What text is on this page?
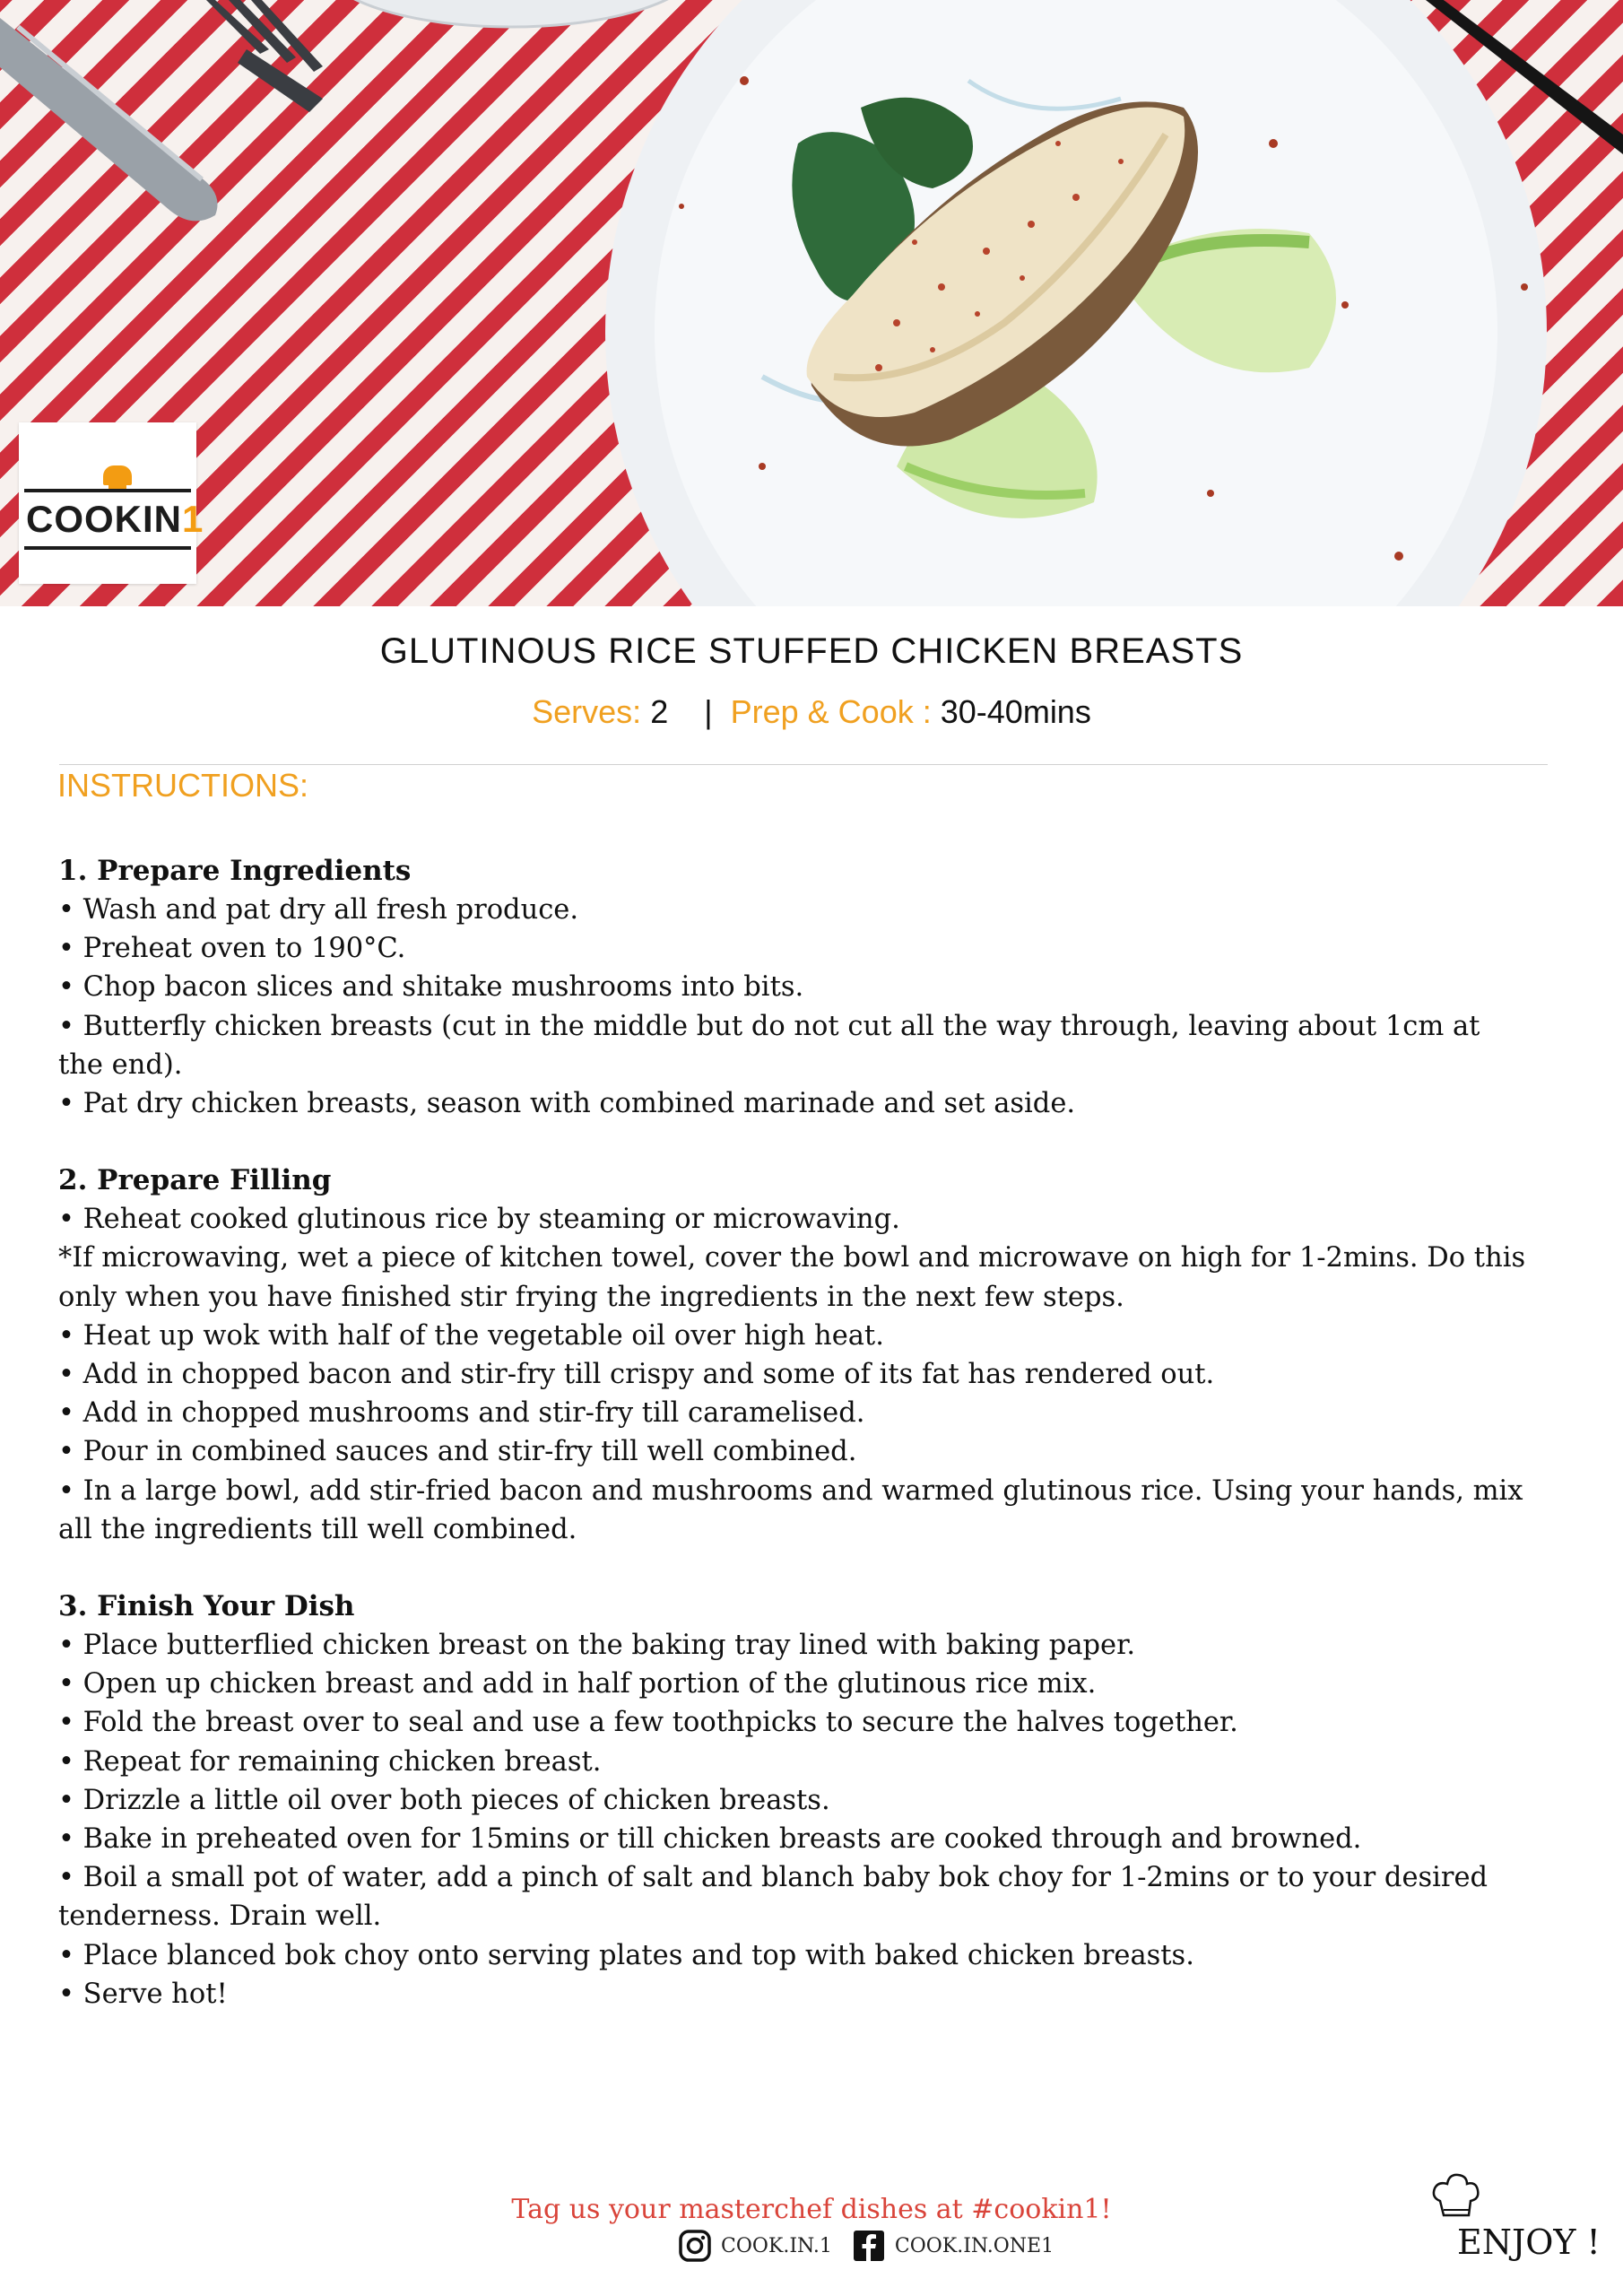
COOKIN1
GLUTINOUS RICE STUFFED CHICKEN BREASTS
Serves: 2 | Prep & Cook : 30-40mins
INSTRUCTIONS:
1. Prepare Ingredients

• Wash and pat dry all fresh produce.

• Preheat oven to 190°C.

• Chop bacon slices and shitake mushrooms into bits.

• Butterfly chicken breasts (cut in the middle but do not cut all the way through, leaving about 1cm at the end).

• Pat dry chicken breasts, season with combined marinade and set aside.

2. Prepare Filling

• Reheat cooked glutinous rice by steaming or microwaving.

*If microwaving, wet a piece of kitchen towel, cover the bowl and microwave on high for 1-2mins. Do this only when you have finished stir frying the ingredients in the next few steps.

• Heat up wok with half of the vegetable oil over high heat.

• Add in chopped bacon and stir-fry till crispy and some of its fat has rendered out.

• Add in chopped mushrooms and stir-fry till caramelised.

• Pour in combined sauces and stir-fry till well combined.

• In a large bowl, add stir-fried bacon and mushrooms and warmed glutinous rice. Using your hands, mix all the ingredients till well combined.

3. Finish Your Dish

• Place butterflied chicken breast on the baking tray lined with baking paper.

• Open up chicken breast and add in half portion of the glutinous rice mix.

• Fold the breast over to seal and use a few toothpicks to secure the halves together.

• Repeat for remaining chicken breast.

• Drizzle a little oil over both pieces of chicken breasts.

• Bake in preheated oven for 15mins or till chicken breasts are cooked through and browned.

• Boil a small pot of water, add a pinch of salt and blanch baby bok choy for 1-2mins or to your desired tenderness. Drain well.

• Place blanced bok choy onto serving plates and top with baked chicken breasts.

• Serve hot!

Tag us your masterchef dishes at #cookin1!
COOK.IN.1	COOK.IN.ONE1	ENJOY !
